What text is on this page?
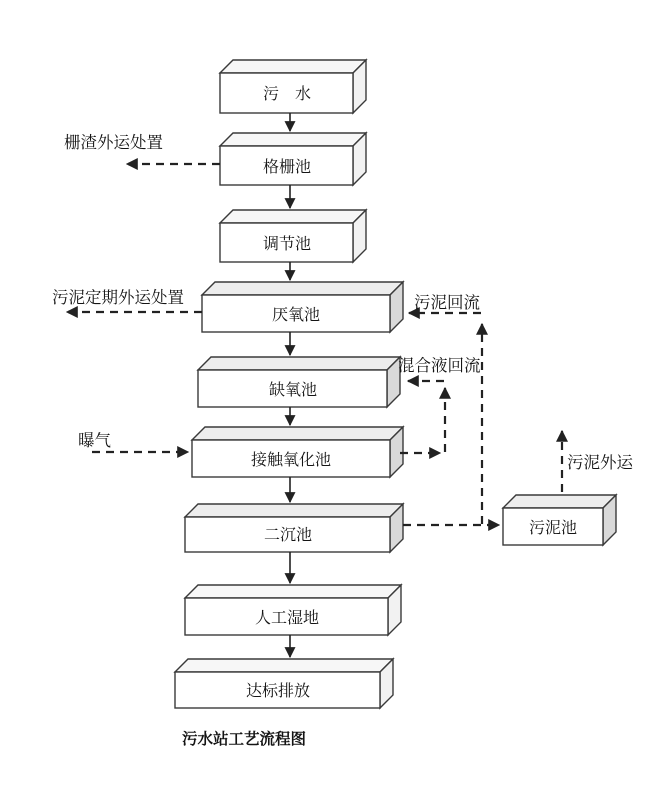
污　水
格栅池
调节池
厌氧池
缺氧池
接触氧化池
二沉池
人工湿地
达标排放
污泥池
栅渣外运处置
污泥定期外运处置	污泥回流
混合液回流
曝气
污泥外运
污水站工艺流程图
